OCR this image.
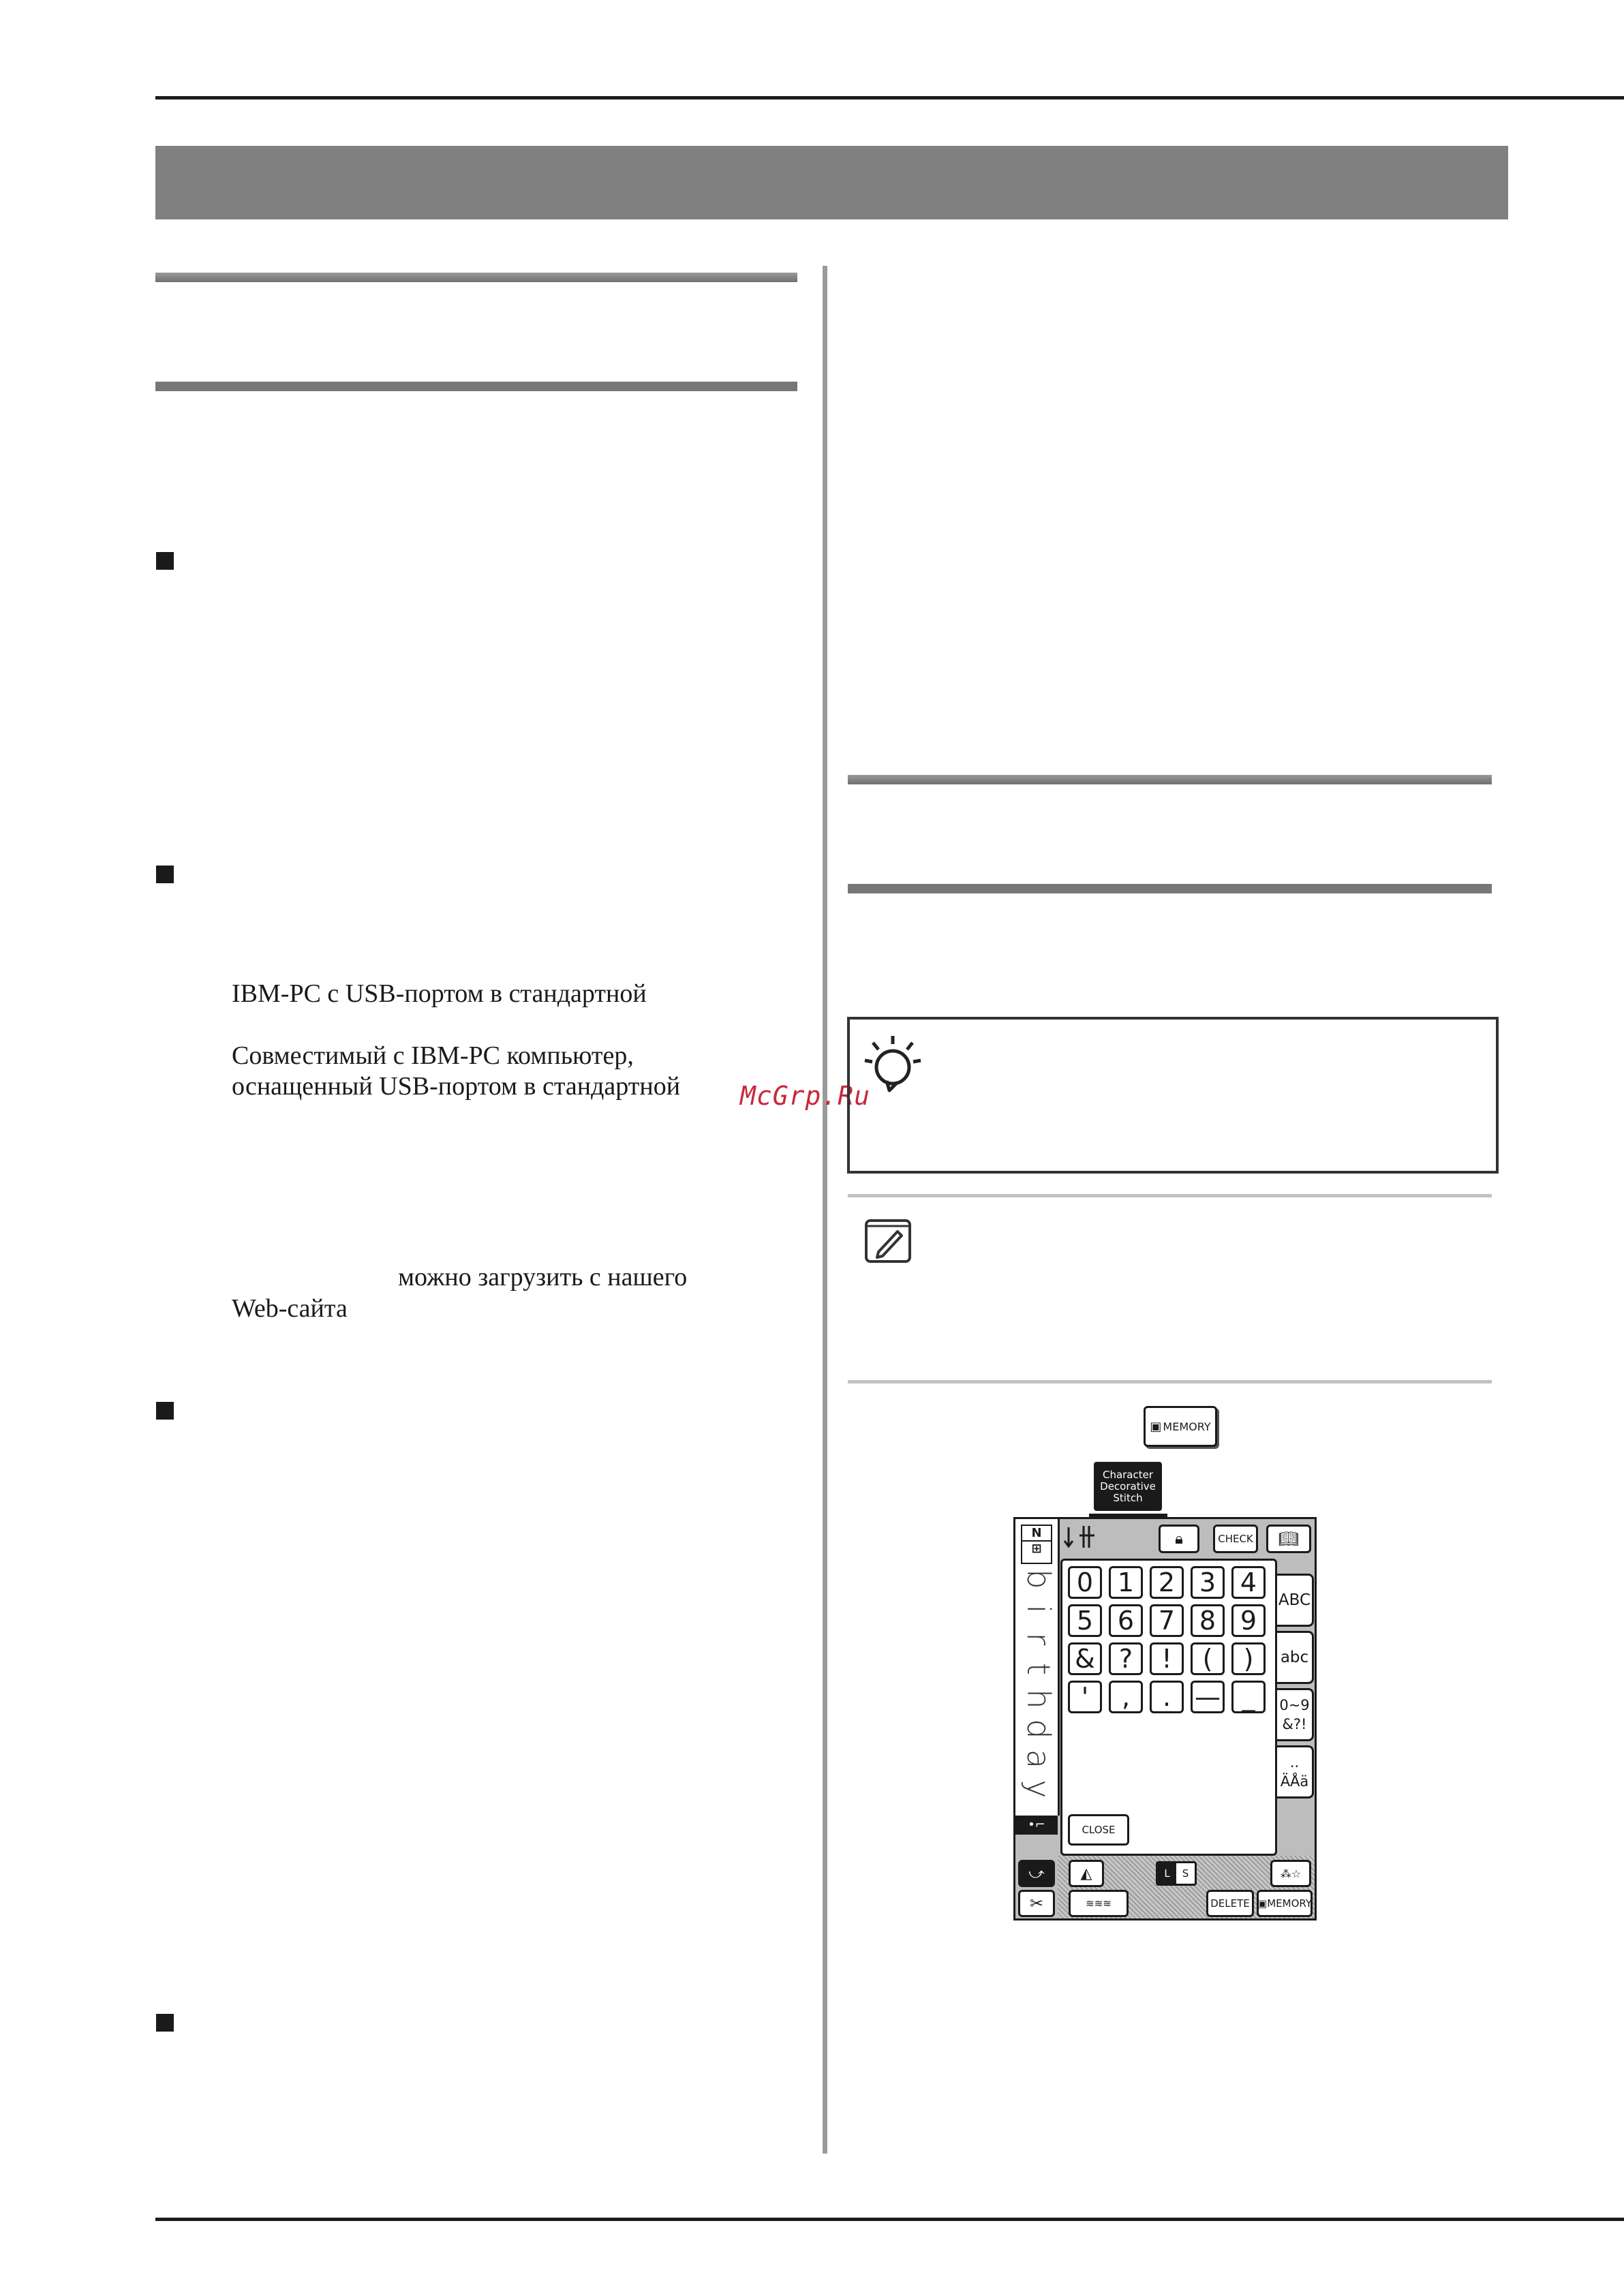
IBM-PC с USB-портом в стандартной
Совместимый с IBM-PC компьютер,
оснащенный USB-портом в стандартной
можно загрузить с нашего
Web-сайта
McGrp.Ru
▣ MEMORY
Character
Decorative
Stitch
N
⊞
b
i
r
t
h
d
a
y
•⌐
🔒︎	CHECK	📖︎
0 1 2 3 4
5 6 7 8 9
& ?	!	(	)
'	,	. — _
CLOSE
ABC
abc
0~9
&?!
..
ÄÅä
⤻
✂
◭	L	S	⁂☆
≋≋≋	DELETE ▣ MEMORY
